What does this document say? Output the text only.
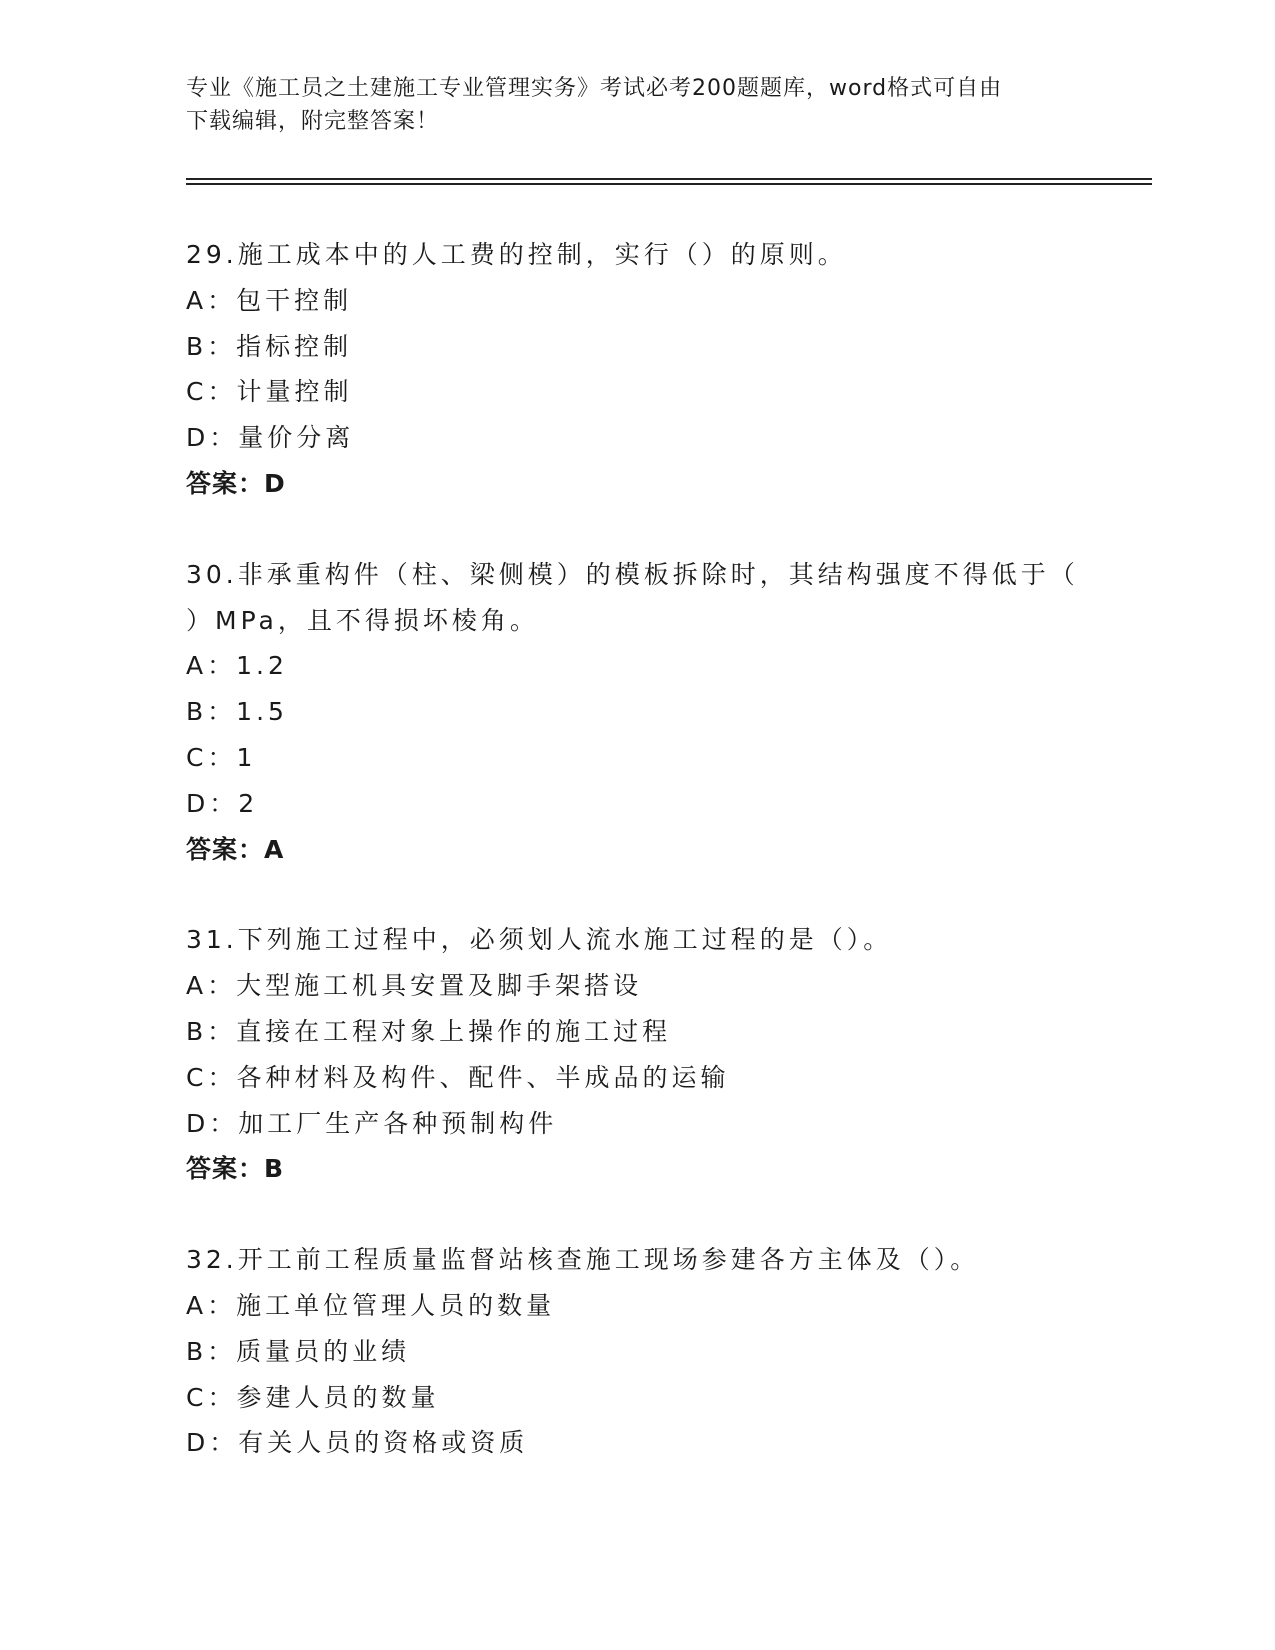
专业《施工员之土建施工专业管理实务》考试必考200题题库，word格式可自由
下载编辑，附完整答案！
29.施工成本中的人工费的控制，实行（）的原则。
A：包干控制
B：指标控制
C：计量控制
D：量价分离
答案：D
30.非承重构件（柱、梁侧模）的模板拆除时，其结构强度不得低于（
）MPa，且不得损坏棱角。
A：1.2
B：1.5
C：1
D：2
答案：A
31.下列施工过程中，必须划人流水施工过程的是（）。
A：大型施工机具安置及脚手架搭设
B：直接在工程对象上操作的施工过程
C：各种材料及构件、配件、半成品的运输
D：加工厂生产各种预制构件
答案：B
32.开工前工程质量监督站核查施工现场参建各方主体及（）。
A：施工单位管理人员的数量
B：质量员的业绩
C：参建人员的数量
D：有关人员的资格或资质
